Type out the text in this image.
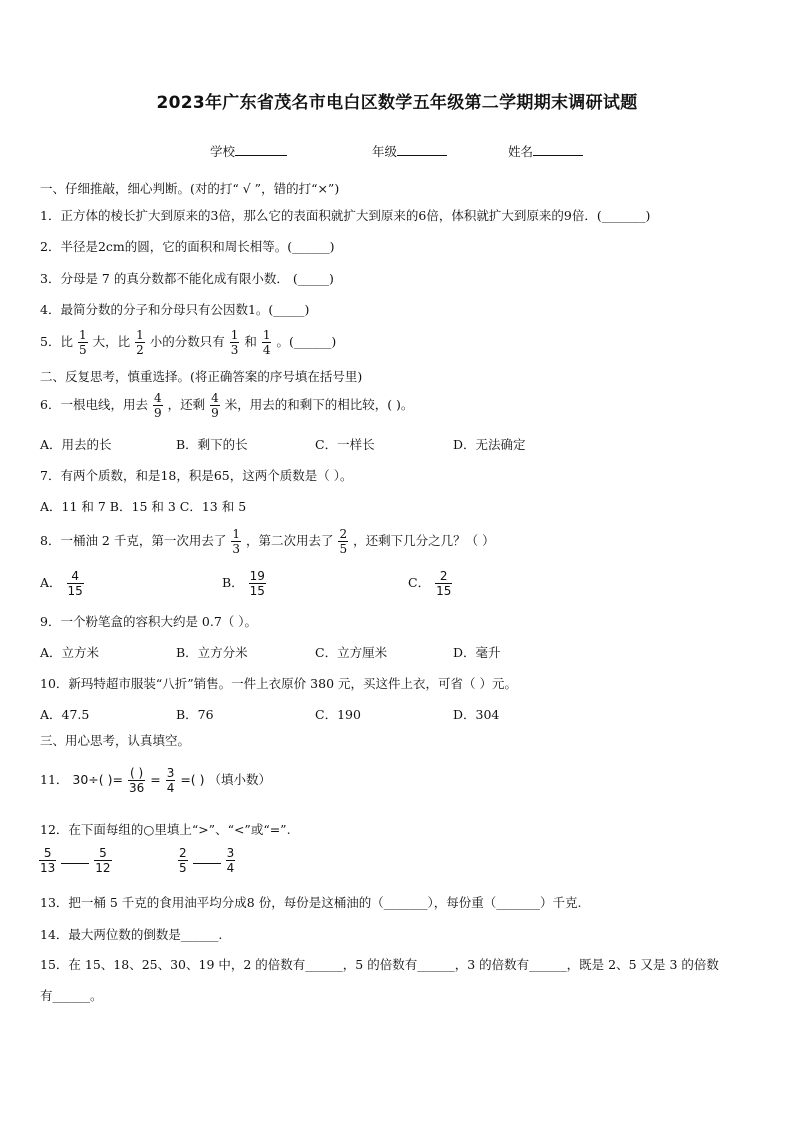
2023年广东省茂名市电白区数学五年级第二学期期末调研试题
学校	年级	姓名
一、仔细推敲，细心判断。(对的打“ √ ”，错的打“×”)
1．正方体的棱长扩大到原来的3倍，那么它的表面积就扩大到原来的6倍，体积就扩大到原来的9倍．(_______)
2．半径是2cm的圆，它的面积和周长相等。(______)
3．分母是 7 的真分数都不能化成有限小数． (_____)
4．最简分数的分子和分母只有公因数1。(_____)
5．比 $\frac{1}{5}$ 大，比 $\frac{1}{2}$ 小的分数只有 $\frac{1}{3}$ 和 $\frac{1}{4}$ 。(______)
二、反复思考，慎重选择。(将正确答案的序号填在括号里)
6．一根电线，用去 $\frac{4}{9}$ ，还剩 $\frac{4}{9}$ 米，用去的和剩下的相比较，( )。
A．用去的长	B．剩下的长	C．一样长	D．无法确定
7．有两个质数，和是18，积是65，这两个质数是（ ）。
A．11 和 7 B．15 和 3 C．13 和 5
8．一桶油 2 千克，第一次用去了 $\frac{1}{3}$ ，第二次用去了 $\frac{2}{5}$ ，还剩下几分之几？（ ）
A． $\frac{4}{15}$	B． $\frac{19}{15}$	C． $\frac{2}{15}$
9．一个粉笔盒的容积大约是 0.7（ ）。
A．立方米	B．立方分米	C．立方厘米	D．毫升
10．新玛特超市服装“八折”销售。一件上衣原价 380 元，买这件上衣，可省（ ）元。
A．47.5	B．76	C．190	D．304
三、用心思考，认真填空。
11． 30÷( )= $\frac{( )}{36} = \frac{3}{4}$ =( ) （填小数）
12．在下面每组的○里填上“>”、“<”或“=”.
$\frac{5}{13}$
	$\frac{5}{12}$	$\frac{2}{5}$
	$\frac{3}{4}$
13．把一桶 5 千克的食用油平均分成8 份，每份是这桶油的（_______），每份重（_______）千克.
14．最大两位数的倒数是______.
15．在 15、18、25、30、19 中，2 的倍数有______，5 的倍数有______，3 的倍数有______，既是 2、5 又是 3 的倍数
有______。
